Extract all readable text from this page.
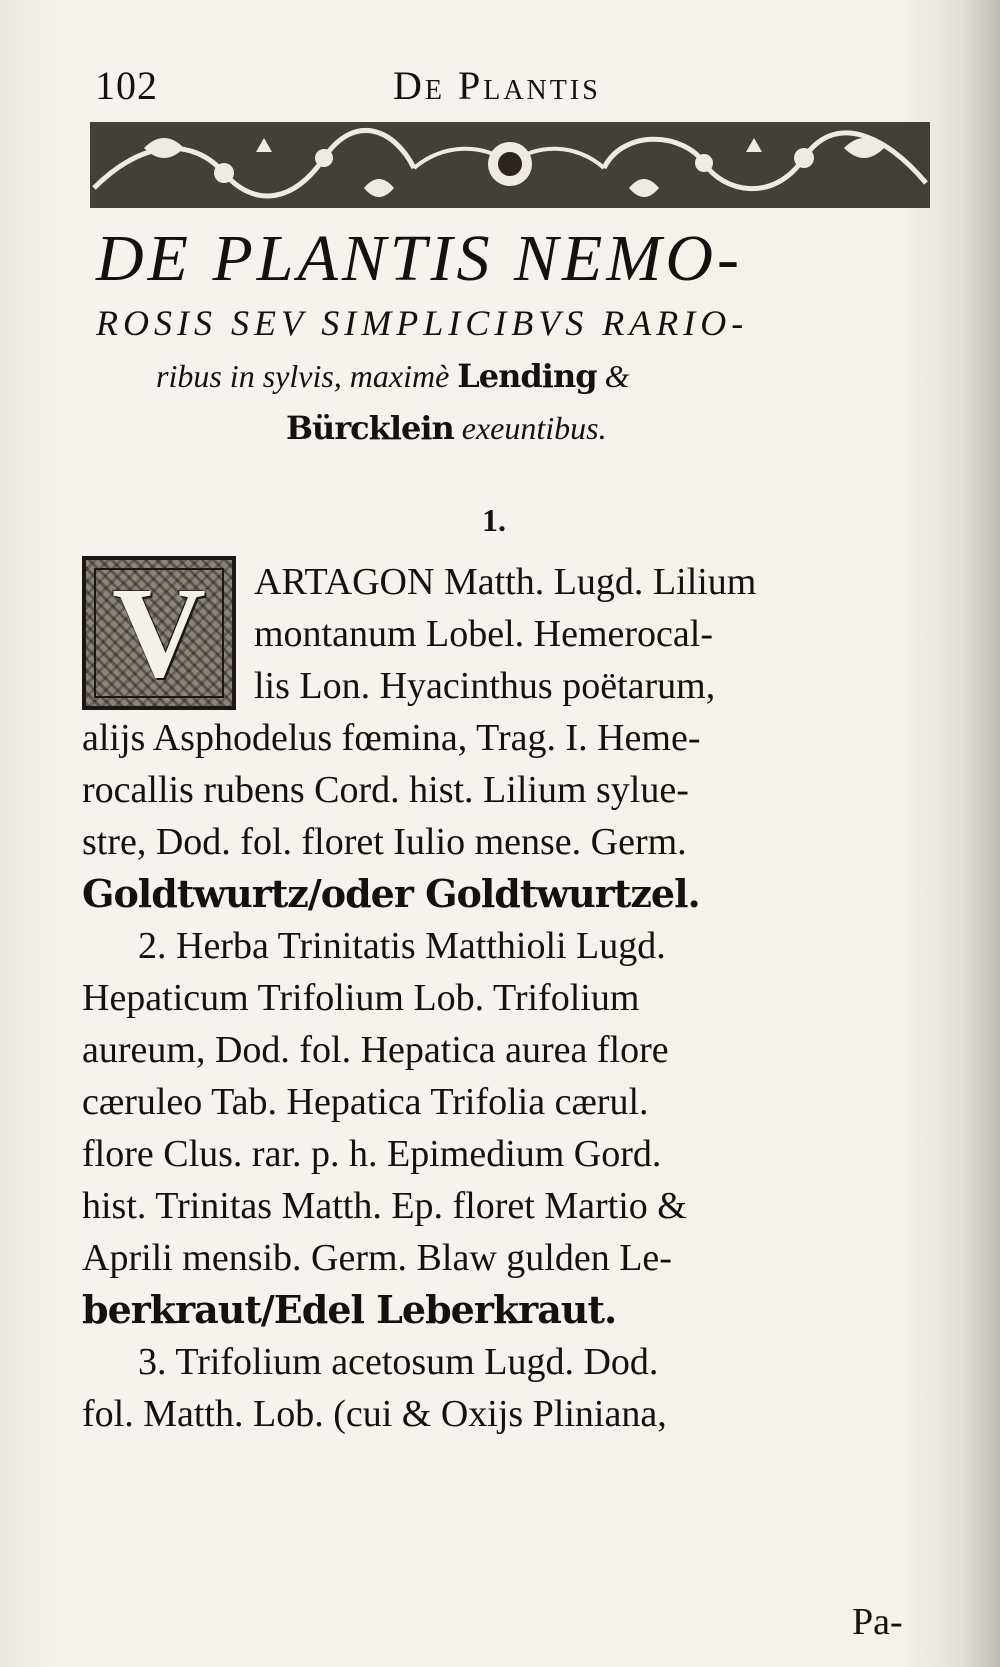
102	De Plantis
DE PLANTIS NEMO-
ROSIS SEV SIMPLICIBVS RARIO-
ribus in sylvis, maximè Lending &
Bürcklein exeuntibus.
1.
V	ARTAGON Matth. Lugd. Lilium
montanum Lobel. Hemerocal-
lis Lon. Hyacinthus poëtarum,
alijs Asphodelus fœmina, Trag. I. Heme-
rocallis rubens Cord. hist. Lilium sylue-
stre, Dod. fol. floret Iulio mense. Germ.
Goldtwurtz/oder Goldtwurtzel.
2. Herba Trinitatis Matthioli Lugd.
Hepaticum Trifolium Lob. Trifolium
aureum, Dod. fol. Hepatica aurea flore
cæruleo Tab. Hepatica Trifolia cærul.
flore Clus. rar. p. h. Epimedium Gord.
hist. Trinitas Matth. Ep. floret Martio &
Aprili mensib. Germ. Blaw gulden Le-
berkraut/Edel Leberkraut.
3. Trifolium acetosum Lugd. Dod.
fol. Matth. Lob. (cui & Oxijs Pliniana,
Pa-
